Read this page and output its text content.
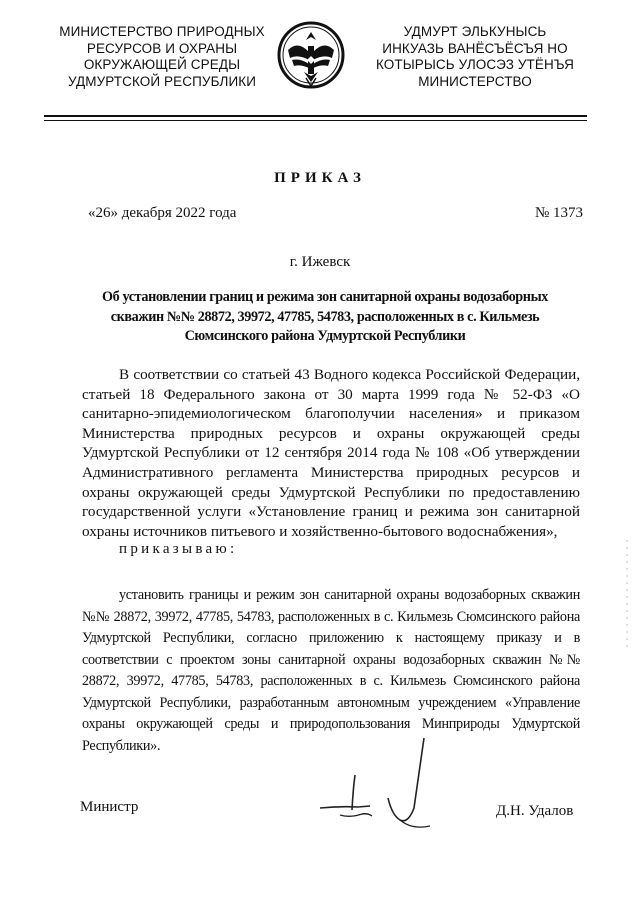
МИНИСТЕРСТВО ПРИРОДНЫХ
РЕСУРСОВ И ОХРАНЫ
ОКРУЖАЮЩЕЙ СРЕДЫ
УДМУРТСКОЙ РЕСПУБЛИКИ
УДМУРТ ЭЛЬКУНЫСЬ
ИНКУАЗЬ ВАНЁСЪЁСЪЯ НО
КОТЫРЫСЬ УЛОСЭЗ УТЁНЪЯ
МИНИСТЕРСТВО
ПРИКАЗ
«26» декабря 2022 года	№ 1373
г. Ижевск
Об установлении границ и режима зон санитарной охраны водозаборных скважин №№ 28872, 39972, 47785, 54783, расположенных в с. Кильмезь Сюмсинского района Удмуртской Республики

В соответствии со статьей 43 Водного кодекса Российской Федерации, статьей 18 Федерального закона от 30 марта 1999 года № 52-ФЗ «О санитарно-эпидемиологическом благополучии населения» и приказом Министерства природных ресурсов и охраны окружающей среды Удмуртской Республики от 12 сентября 2014 года № 108 «Об утверждении Административного регламента Министерства природных ресурсов и охраны окружающей среды Удмуртской Республики по предоставлению государственной услуги «Установление границ и режима зон санитарной охраны источников питьевого и хозяйственно-бытового водоснабжения»,

приказываю:

установить границы и режим зон санитарной охраны водозаборных скважин №№ 28872, 39972, 47785, 54783, расположенных в с. Кильмезь Сюмсинского района Удмуртской Республики, согласно приложению к настоящему приказу и в соответствии с проектом зоны санитарной охраны водозаборных скважин №№ 28872, 39972, 47785, 54783, расположенных в с. Кильмезь Сюмсинского района Удмуртской Республики, разработанным автономным учреждением «Управление охраны окружающей среды и природопользования Минприроды Удмуртской Республики».

Министр	Д.Н. Удалов
